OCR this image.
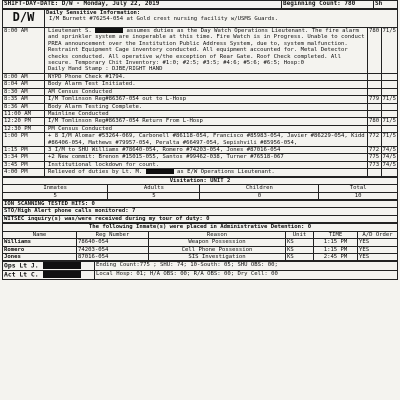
SHIFT-DAY-DATE: D/W - Monday, July 22, 2019	Beginning Count: 780	Sh
D/W	Daily Sensitive Information:
I/M Burnett #76254-054 at Gold crest nursing facility w/USMS Guards.		

8:00 AM	Lieutenant S. assumes duties as the Day Watch Operations Lieutenant. The fire alarm and sprinkler system are inoperable at this time. Fire Watch is in Progress. Unable to conduct PREA announcement over the Institution Public Address System, due to, system malfunction. Restraint Equipment Cage inventory conducted. All equipment accounted for. Metal Detector checks conducted. All operative w/the exception of Rear Gate. Roof Check completed. All secure. Temporary Chit Inventory: #1:0; #2:5; #3:5; #4:6; #5:6; #6:5; Hosp:0
Daily Hand Stamp : DJBE/RIGHT HAND	780	71/5
8:00 AM	NYPD Phone Check #1794.		
8:04 AM	Body Alarm Test Initiated.		
8:30 AM	AM Census Conducted		
8:35 AM	I/M Tomlinson Reg#86367-054 out to L-Hosp	779	71/5
8:36 AM	Body Alarm Testing Complete.		
11:00 AM	Mainline Conducted		
12:20 PM	I/M Tomlinson Reg#86367-054 Return From L-Hosp	780	71/5
12:30 PM	PM Census Conducted		
1:00 PM	+ 8 I/M Alomar #53264-069, Carbonell #86118-054, Francisco #85983-054, Javier #86229-054, Kidd #86406-054, Mathews #79957-054, Peralta #66497-054, Sepishvili #85956-054,	772	71/5
1:15 PM	3 I/M to SHU Williams #78640-054, Romero #74203-054, Jones #87016-054	772	74/5
3:34 PM	+2 New commit: Brenon #15015-055, Santos #99462-038, Turner #76518-067	775	74/5
3:45 PM	Institutional lockdown for count.	773	74/5
4:00 PM	Relieved of duties by Lt. M. as E/W Operations Lieutenant.		
Visitation: UNIT 2			
Inmates	Adults	Children	Total
5	5	0	10
ION SCANNING TESTED HITS: 0
STO/High Alert phone calls monitored: 7
WITSEC inquiry(s) was/were received during my tour of duty: 0
The following Inmate(s) were placed in Administrative Detention: 0					
Name	Reg Number	Reason	Unit	TIME	A/D Order
Williams	78640-054	Weapon Possession	KS	1:15 PM	YES
Romero	74203-054	Cell Phone Possession	KS	1:15 PM	YES
Jones	87016-054	SIS Investigation	KS	2:45 PM	YES
Ops Lt J.	Ending Count:775 ; SHU: 74; 10-South: 05; SHU OBS: 00;
Act Lt C.	Local Hosp: 01; H/A OBS: 00; R/A OBS: 00; Dry Cell: 00
